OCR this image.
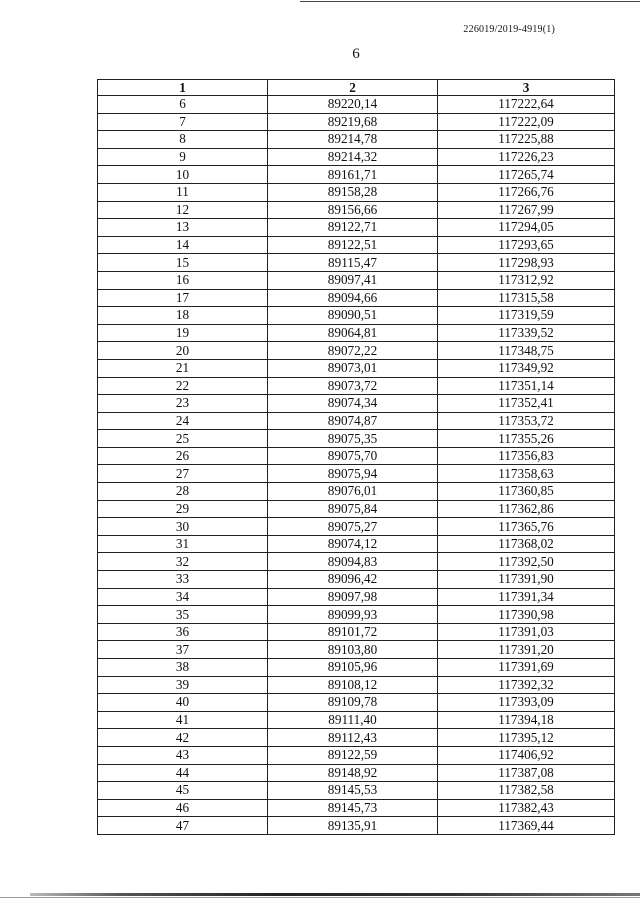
226019/2019-4919(1)
6
1	2	3
6	89220,14	117222,64
7	89219,68	117222,09
8	89214,78	117225,88
9	89214,32	117226,23
10	89161,71	117265,74
11	89158,28	117266,76
12	89156,66	117267,99
13	89122,71	117294,05
14	89122,51	117293,65
15	89115,47	117298,93
16	89097,41	117312,92
17	89094,66	117315,58
18	89090,51	117319,59
19	89064,81	117339,52
20	89072,22	117348,75
21	89073,01	117349,92
22	89073,72	117351,14
23	89074,34	117352,41
24	89074,87	117353,72
25	89075,35	117355,26
26	89075,70	117356,83
27	89075,94	117358,63
28	89076,01	117360,85
29	89075,84	117362,86
30	89075,27	117365,76
31	89074,12	117368,02
32	89094,83	117392,50
33	89096,42	117391,90
34	89097,98	117391,34
35	89099,93	117390,98
36	89101,72	117391,03
37	89103,80	117391,20
38	89105,96	117391,69
39	89108,12	117392,32
40	89109,78	117393,09
41	89111,40	117394,18
42	89112,43	117395,12
43	89122,59	117406,92
44	89148,92	117387,08
45	89145,53	117382,58
46	89145,73	117382,43
47	89135,91	117369,44
